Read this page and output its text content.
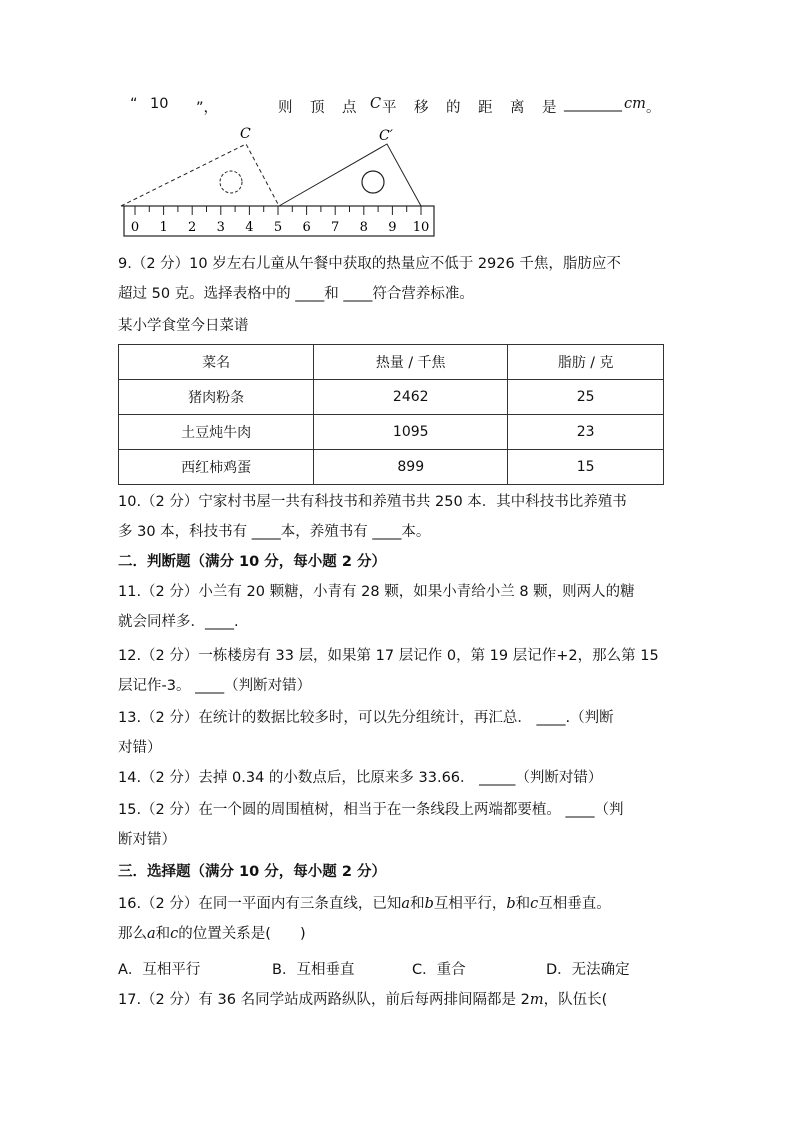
“ 10 ”，	则 顶 点 C 平 移 的 距 离 是 ________ cm 。
C	C′
0 1 2 3 4 5 6 7 8 9 10
9.（2 分）10 岁左右儿童从午餐中获取的热量应不低于 2926 千焦，脂肪应不
超过 50 克。选择表格中的 ____和 ____符合营养标准。
某小学食堂今日菜谱
菜名	热量 / 千焦	脂肪 / 克
猪肉粉条	2462	25
土豆炖牛肉	1095	23
西红柿鸡蛋	899	15
10.（2 分）宁家村书屋一共有科技书和养殖书共 250 本．其中科技书比养殖书
多 30 本，科技书有 ____本，养殖书有 ____本。
二．判断题（满分 10 分，每小题 2 分）
11.（2 分）小兰有 20 颗糖，小青有 28 颗，如果小青给小兰 8 颗，则两人的糖
就会同样多．____.
12.（2 分）一栋楼房有 33 层，如果第 17 层记作 0，第 19 层记作+2，那么第 15
层记作-3。 ____（判断对错）
13.（2 分）在统计的数据比较多时，可以先分组统计，再汇总． ____.（判断
对错）
14.（2 分）去掉 0.34 的小数点后，比原来多 33.66． _____（判断对错）
15.（2 分）在一个圆的周围植树，相当于在一条线段上两端都要植。 ____（判
断对错）
三．选择题（满分 10 分，每小题 2 分）
16.（2 分）在同一平面内有三条直线，已知a和b互相平行，b和c互相垂直。
那么a和c的位置关系是(　　)
A．互相平行	B．互相垂直	C．重合	D．无法确定
17.（2 分）有 36 名同学站成两路纵队，前后每两排间隔都是 2m，队伍长(
